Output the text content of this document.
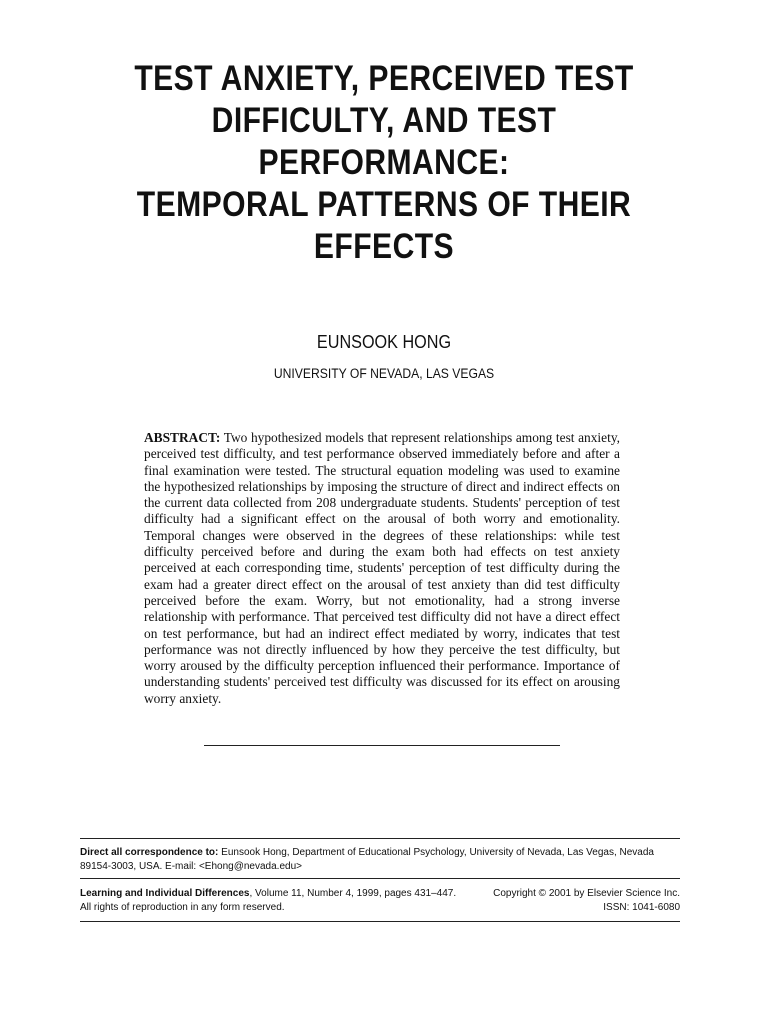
TEST ANXIETY, PERCEIVED TEST
DIFFICULTY, AND TEST
PERFORMANCE:
TEMPORAL PATTERNS OF THEIR
EFFECTS
EUNSOOK HONG
UNIVERSITY OF NEVADA, LAS VEGAS
ABSTRACT: Two hypothesized models that represent relationships among test anxiety, perceived test difficulty, and test performance observed immediately before and after a final examination were tested. The structural equation modeling was used to examine the hypothesized relationships by imposing the structure of direct and indirect effects on the current data collected from 208 undergraduate students. Students' perception of test difficulty had a significant effect on the arousal of both worry and emotionality. Temporal changes were observed in the degrees of these relationships: while test difficulty perceived before and during the exam both had effects on test anxiety perceived at each corresponding time, students' perception of test difficulty during the exam had a greater direct effect on the arousal of test anxiety than did test difficulty perceived before the exam. Worry, but not emotionality, had a strong inverse relationship with performance. That perceived test difficulty did not have a direct effect on test performance, but had an indirect effect mediated by worry, indicates that test performance was not directly influenced by how they perceive the test difficulty, but worry aroused by the difficulty perception influenced their performance. Importance of understanding students' perceived test difficulty was discussed for its effect on arousing worry anxiety.
Direct all correspondence to: Eunsook Hong, Department of Educational Psychology, University of Nevada, Las Vegas, Nevada 89154-3003, USA. E-mail: <Ehong@nevada.edu>
Learning and Individual Differences, Volume 11, Number 4, 1999, pages 431–447.
All rights of reproduction in any form reserved.
Copyright © 2001 by Elsevier Science Inc.
ISSN: 1041-6080
